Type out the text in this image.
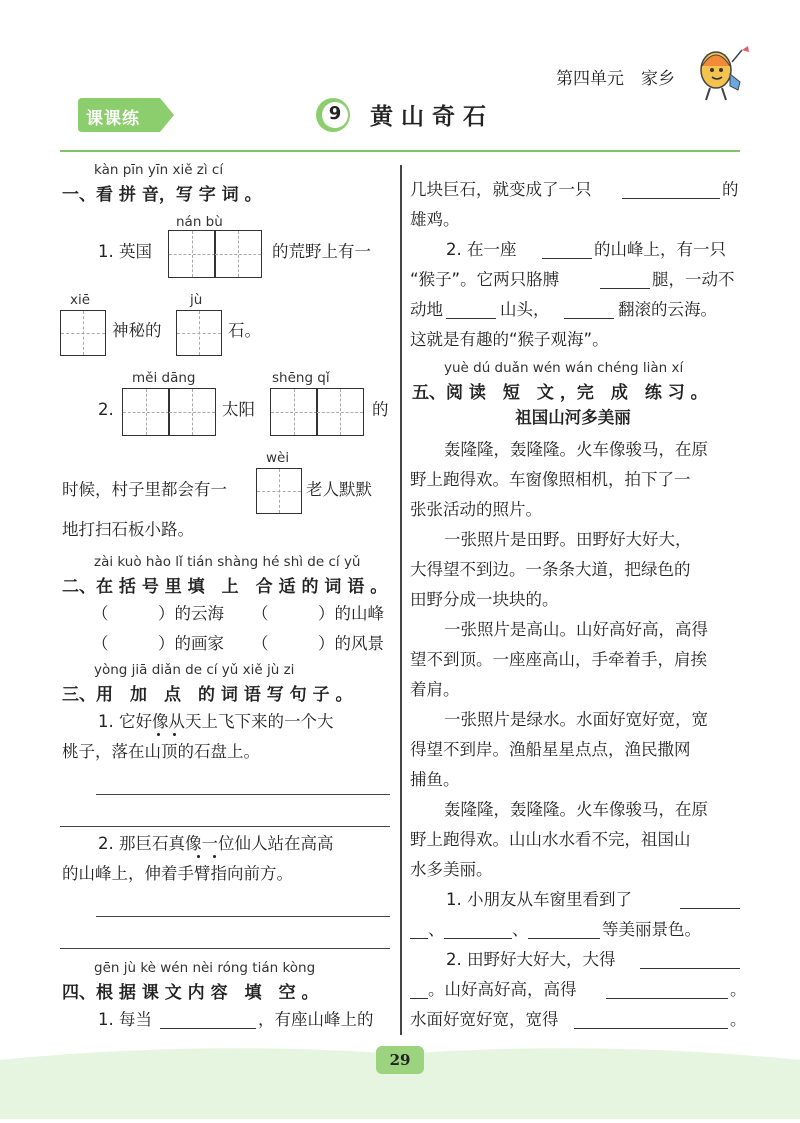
第四单元　家乡
课课练	9	黄山奇石
kàn pīn yīn xiě zì cí
一、看 拼 音，写 字 词 。
nán bù
1. 英国	的荒野上有一
xiē
神秘的
jù
石。
měi dāng
2.	太阳
shēng qǐ
的
时候，村子里都会有一
wèi
老人默默
地打扫石板小路。
zài kuò hào lǐ tián shàng hé shì de cí yǔ
二、在 括 号 里 填　上　合 适 的 词 语 。
（　　　）的云海 （　　　）的山峰
（　　　）的画家 （　　　）的风景
yòng jiā diǎn de cí yǔ xiě jù zi
三、用　加　点　的 词 语 写 句 子 。
1. 它好像从天上飞下来的一个大
桃子，落在山顶的石盘上。
2. 那巨石真像一位仙人站在高高
的山峰上，伸着手臂指向前方。
gēn jù kè wén nèi róng tián kòng
四、根 据 课 文 内 容　填　空 。
1. 每当	，有座山峰上的
几块巨石，就变成了一只	的
雄鸡。
2. 在一座	的山峰上，有一只
“猴子”。它两只胳膊	腿，一动不
动地	山头，	翻滚的云海。
这就是有趣的“猴子观海”。
yuè dú duǎn wén wán chéng liàn xí
五、阅 读　短　文 ，完　成　练 习 。
祖国山河多美丽
轰隆隆，轰隆隆。火车像骏马，在原
野上跑得欢。车窗像照相机，拍下了一
张张活动的照片。
一张照片是田野。田野好大好大，
大得望不到边。一条条大道，把绿色的
田野分成一块块的。
一张照片是高山。山好高好高，高得
望不到顶。一座座高山，手牵着手，肩挨
着肩。
一张照片是绿水。水面好宽好宽，宽
得望不到岸。渔船星星点点，渔民撒网
捕鱼。
轰隆隆，轰隆隆。火车像骏马，在原
野上跑得欢。山山水水看不完，祖国山
水多美丽。
1. 小朋友从车窗里看到了
、	、	等美丽景色。
2. 田野好大好大，大得
。山好高好高，高得	。
水面好宽好宽，宽得	。
29
